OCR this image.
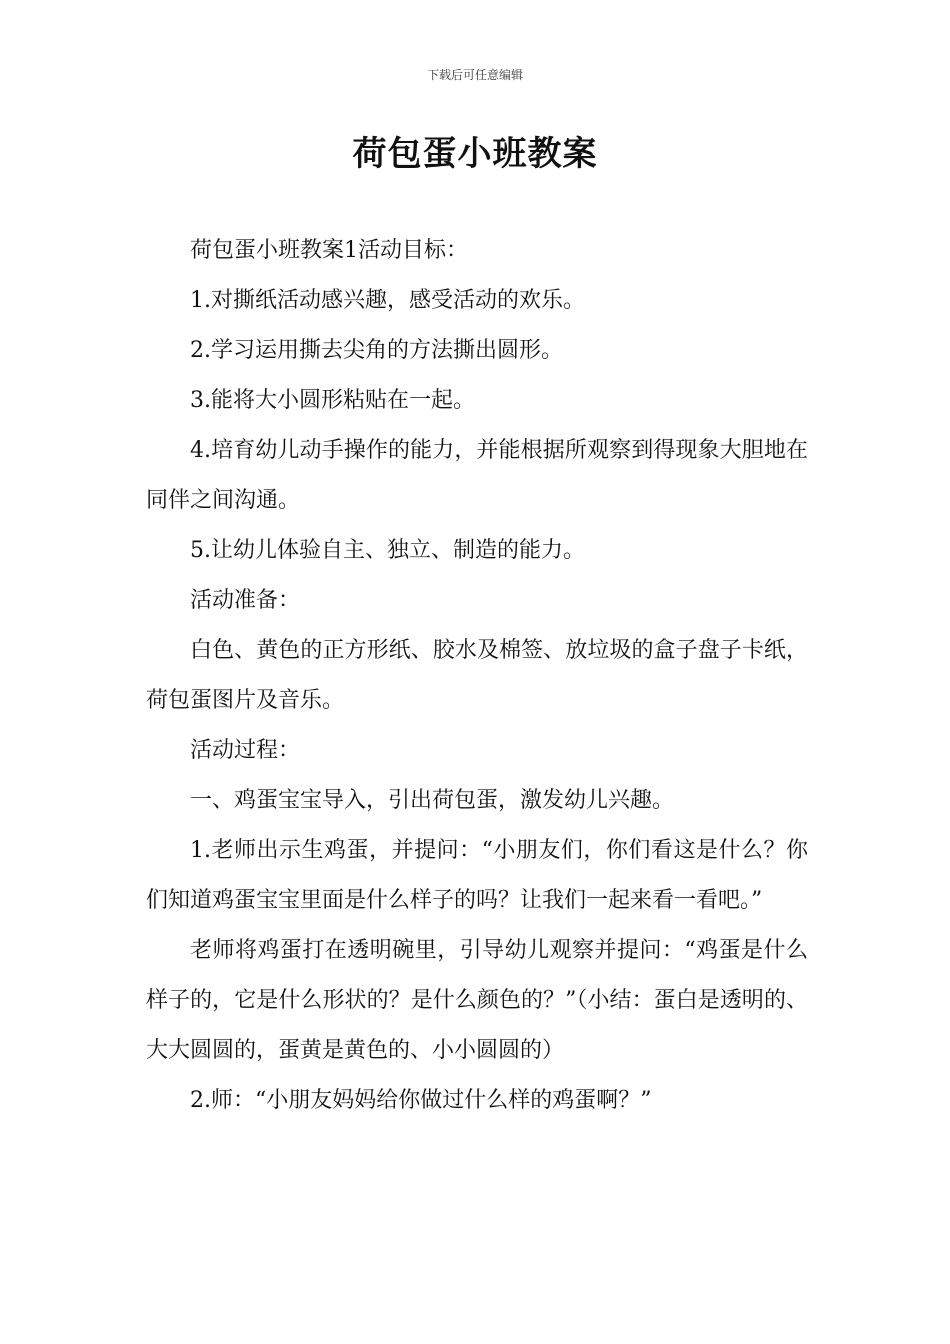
下载后可任意编辑
荷包蛋小班教案

荷包蛋小班教案1活动目标：

1.对撕纸活动感兴趣，感受活动的欢乐。

2.学习运用撕去尖角的方法撕出圆形。

3.能将大小圆形粘贴在一起。

4.培育幼儿动手操作的能力，并能根据所观察到得现象大胆地在同伴之间沟通。

5.让幼儿体验自主、独立、制造的能力。

活动准备：

白色、黄色的正方形纸、胶水及棉签、放垃圾的盒子盘子卡纸，荷包蛋图片及音乐。

活动过程：

一、鸡蛋宝宝导入，引出荷包蛋，激发幼儿兴趣。

1.老师出示生鸡蛋，并提问：“小朋友们，你们看这是什么？你们知道鸡蛋宝宝里面是什么样子的吗？让我们一起来看一看吧。”

老师将鸡蛋打在透明碗里，引导幼儿观察并提问：“鸡蛋是什么样子的，它是什么形状的？是什么颜色的？”（小结：蛋白是透明的、大大圆圆的，蛋黄是黄色的、小小圆圆的）

2.师：“小朋友妈妈给你做过什么样的鸡蛋啊？”
